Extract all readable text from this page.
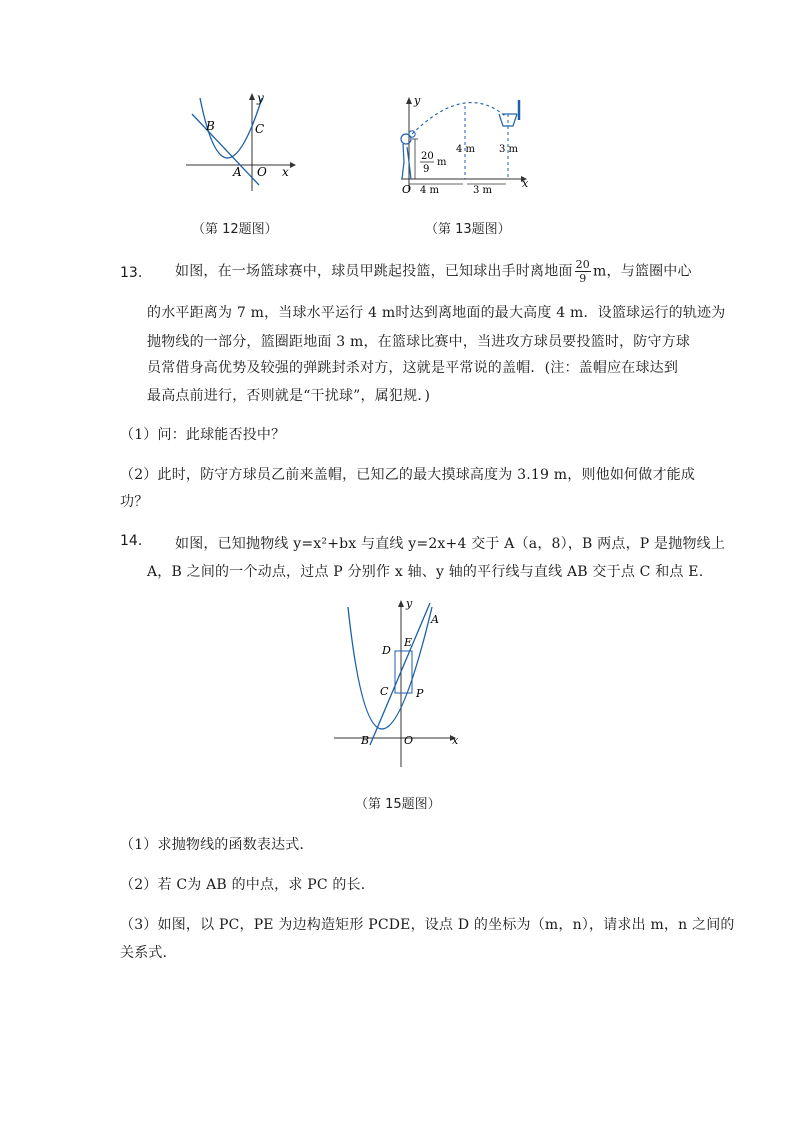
B	C
A O x
y
（第 12题图）
20
9
m
4 m 3 m
4 m	3 m
O	x
y
（第 13题图）
13. 如图，在一场篮球赛中，球员甲跳起投篮，已知球出手时离地面 $\frac{20}{9}$ m，与篮圈中心
的水平距离为 7 m，当球水平运行 4 m时达到离地面的最大高度 4 m．设篮球运行的轨迹为
抛物线的一部分，篮圈距地面 3 m，在篮球比赛中，当进攻方球员要投篮时，防守方球
员常借身高优势及较强的弹跳封杀对方，这就是平常说的盖帽．(注：盖帽应在球达到
最高点前进行，否则就是“干扰球”，属犯规．)
（1）问：此球能否投中？
（2）此时，防守方球员乙前来盖帽，已知乙的最大摸球高度为 3.19 m，则他如何做才能成
功？
14. 如图，已知抛物线 y=x²+bx 与直线 y=2x+4 交于 A（a，8），B 两点，P 是抛物线上
A，B 之间的一个动点，过点 P 分别作 x 轴、y 轴的平行线与直线 AB 交于点 C 和点 E.
A
E
D
C	P
B	O	x
y
（第 15题图）
（1）求抛物线的函数表达式．
（2）若 C为 AB 的中点，求 PC 的长．
（3）如图，以 PC，PE 为边构造矩形 PCDE，设点 D 的坐标为（m，n），请求出 m，n 之间的
关系式．
